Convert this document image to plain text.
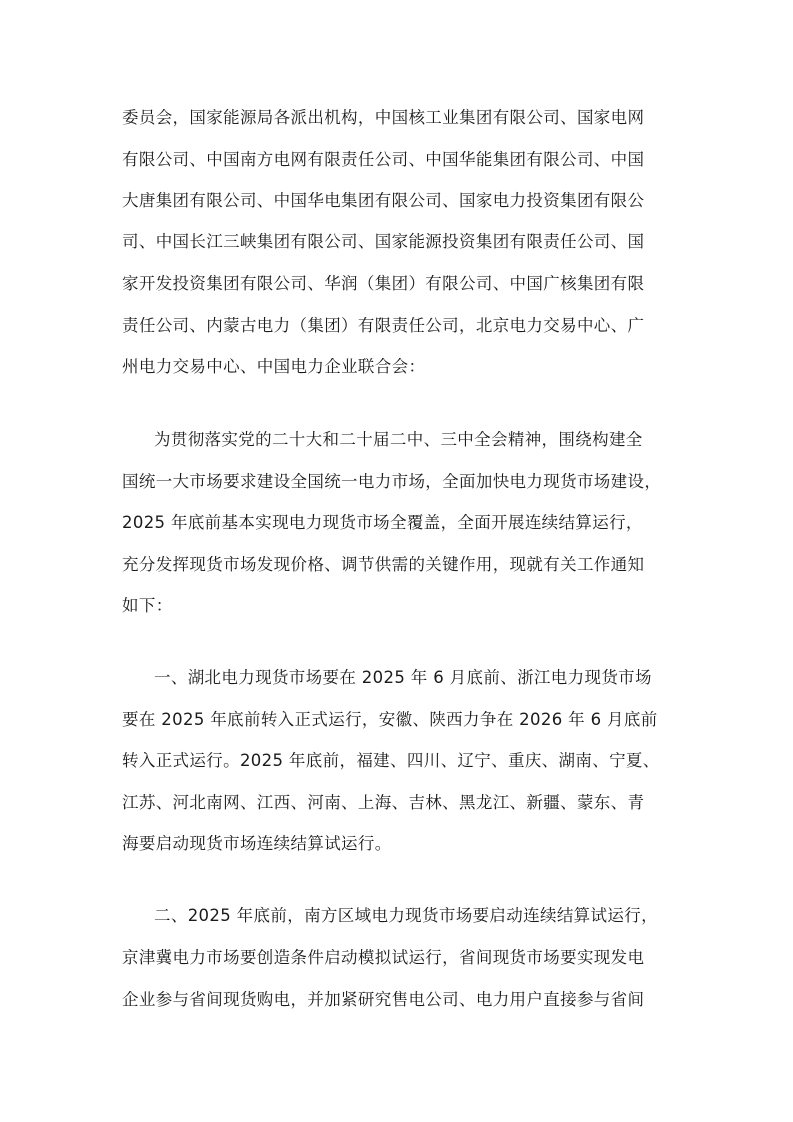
委员会，国家能源局各派出机构，中国核工业集团有限公司、国家电网
有限公司、中国南方电网有限责任公司、中国华能集团有限公司、中国
大唐集团有限公司、中国华电集团有限公司、国家电力投资集团有限公
司、中国长江三峡集团有限公司、国家能源投资集团有限责任公司、国
家开发投资集团有限公司、华润（集团）有限公司、中国广核集团有限
责任公司、内蒙古电力（集团）有限责任公司，北京电力交易中心、广
州电力交易中心、中国电力企业联合会：
为贯彻落实党的二十大和二十届二中、三中全会精神，围绕构建全
国统一大市场要求建设全国统一电力市场，全面加快电力现货市场建设，
2025 年底前基本实现电力现货市场全覆盖，全面开展连续结算运行，
充分发挥现货市场发现价格、调节供需的关键作用，现就有关工作通知
如下：
一、湖北电力现货市场要在 2025 年 6 月底前、浙江电力现货市场
要在 2025 年底前转入正式运行，安徽、陕西力争在 2026 年 6 月底前
转入正式运行。2025 年底前，福建、四川、辽宁、重庆、湖南、宁夏、
江苏、河北南网、江西、河南、上海、吉林、黑龙江、新疆、蒙东、青
海要启动现货市场连续结算试运行。
二、2025 年底前，南方区域电力现货市场要启动连续结算试运行，
京津冀电力市场要创造条件启动模拟试运行，省间现货市场要实现发电
企业参与省间现货购电，并加紧研究售电公司、电力用户直接参与省间
